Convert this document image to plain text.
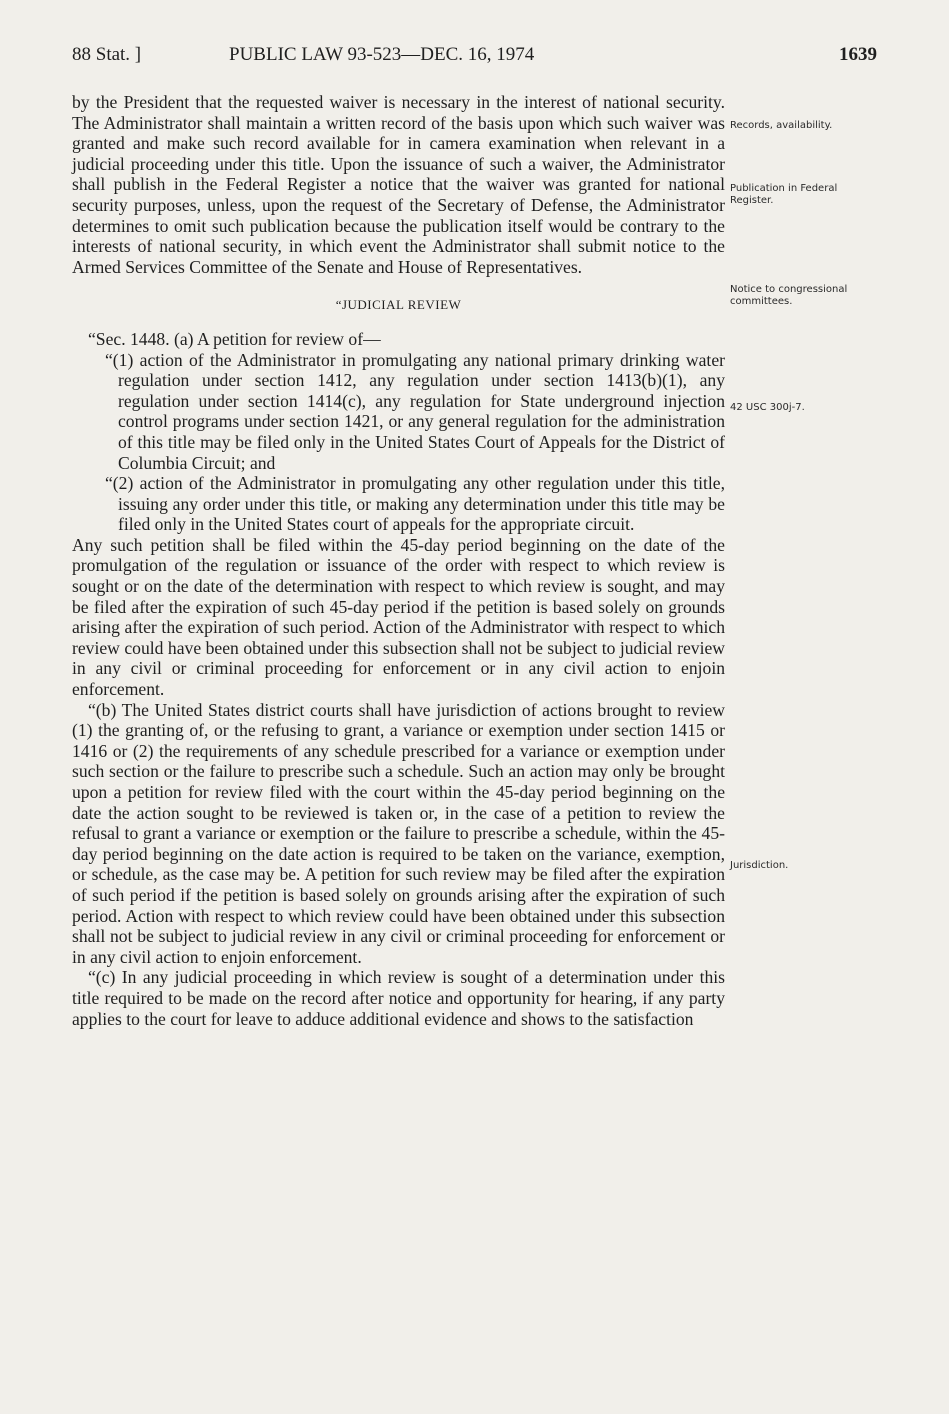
88 Stat. ]	PUBLIC LAW 93-523—DEC. 16, 1974	1639

by the President that the requested waiver is necessary in the interest of national security. The Administrator shall maintain a written record of the basis upon which such waiver was granted and make such record available for in camera examination when relevant in a judicial proceeding under this title. Upon the issuance of such a waiver, the Administrator shall publish in the Federal Register a notice that the waiver was granted for national security purposes, unless, upon the request of the Secretary of Defense, the Administrator determines to omit such publication because the publication itself would be contrary to the interests of national security, in which event the Administrator shall submit notice to the Armed Services Committee of the Senate and House of Representatives.

“JUDICIAL REVIEW

“Sec. 1448. (a) A petition for review of—

“(1) action of the Administrator in promulgating any national primary drinking water regulation under section 1412, any regulation under section 1413(b)(1), any regulation under section 1414(c), any regulation for State underground injection control programs under section 1421, or any general regulation for the administration of this title may be filed only in the United States Court of Appeals for the District of Columbia Circuit; and

“(2) action of the Administrator in promulgating any other regulation under this title, issuing any order under this title, or making any determination under this title may be filed only in the United States court of appeals for the appropriate circuit.

Any such petition shall be filed within the 45-day period beginning on the date of the promulgation of the regulation or issuance of the order with respect to which review is sought or on the date of the determination with respect to which review is sought, and may be filed after the expiration of such 45-day period if the petition is based solely on grounds arising after the expiration of such period. Action of the Administrator with respect to which review could have been obtained under this subsection shall not be subject to judicial review in any civil or criminal proceeding for enforcement or in any civil action to enjoin enforcement.

“(b) The United States district courts shall have jurisdiction of actions brought to review (1) the granting of, or the refusing to grant, a variance or exemption under section 1415 or 1416 or (2) the requirements of any schedule prescribed for a variance or exemption under such section or the failure to prescribe such a schedule. Such an action may only be brought upon a petition for review filed with the court within the 45-day period beginning on the date the action sought to be reviewed is taken or, in the case of a petition to review the refusal to grant a variance or exemption or the failure to prescribe a schedule, within the 45-day period beginning on the date action is required to be taken on the variance, exemption, or schedule, as the case may be. A petition for such review may be filed after the expiration of such period if the petition is based solely on grounds arising after the expiration of such period. Action with respect to which review could have been obtained under this subsection shall not be subject to judicial review in any civil or criminal proceeding for enforcement or in any civil action to enjoin enforcement.

“(c) In any judicial proceeding in which review is sought of a determination under this title required to be made on the record after notice and opportunity for hearing, if any party applies to the court for leave to adduce additional evidence and shows to the satisfaction

Records, availability.
Publication in Federal Register.
Notice to congressional committees.
42 USC 300j-7.
Jurisdiction.
